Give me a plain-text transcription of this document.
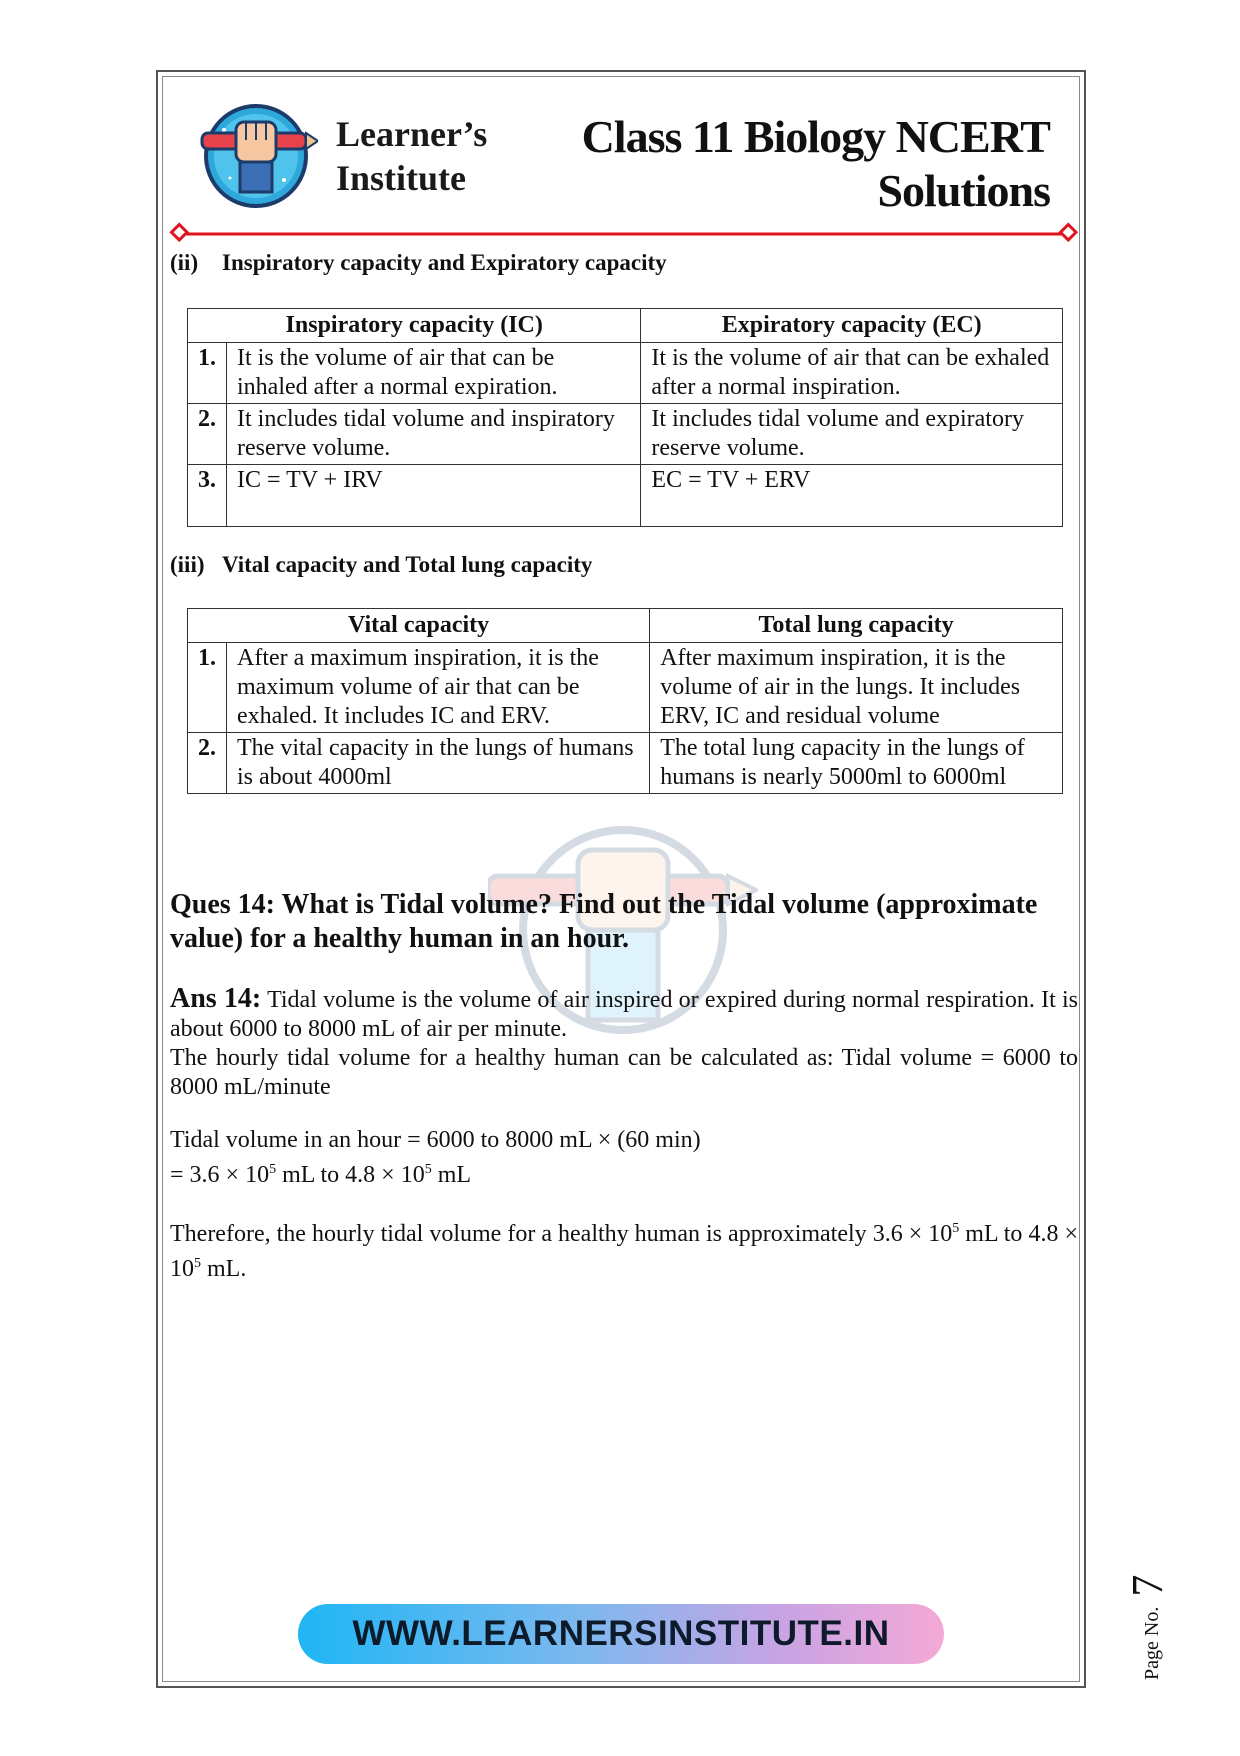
Learner’s
Institute
Class 11 Biology NCERT
Solutions
(ii) Inspiratory capacity and Expiratory capacity
Inspiratory capacity (IC)		Expiratory capacity (EC)
1.	It is the volume of air that can be inhaled after a normal expiration.	It is the volume of air that can be exhaled after a normal inspiration.
2.	It includes tidal volume and inspiratory reserve volume.	It includes tidal volume and expiratory reserve volume.
3.	IC = TV + IRV	EC = TV + ERV
(iii) Vital capacity and Total lung capacity
Vital capacity		Total lung capacity
1.	After a maximum inspiration, it is the maximum volume of air that can be exhaled. It includes IC and ERV.	After maximum inspiration, it is the volume of air in the lungs. It includes ERV, IC and residual volume
2.	The vital capacity in the lungs of humans is about 4000ml	The total lung capacity in the lungs of humans is nearly 5000ml to 6000ml
Ques 14: What is Tidal volume? Find out the Tidal volume (approximate value) for a healthy human in an hour.

Ans 14: Tidal volume is the volume of air inspired or expired during normal respiration. It is about 6000 to 8000 mL of air per minute.

The hourly tidal volume for a healthy human can be calculated as: Tidal volume = 6000 to 8000 mL/minute

Tidal volume in an hour = 6000 to 8000 mL × (60 min)

= $3.6 \times 10^5$ mL to $4.8 \times 10^5$ mL

Therefore, the hourly tidal volume for a healthy human is approximately $3.6 \times 10^5$ mL to $4.8 \times 10^5$ mL.

WWW.LEARNERSINSTITUTE.IN	Page No.7
